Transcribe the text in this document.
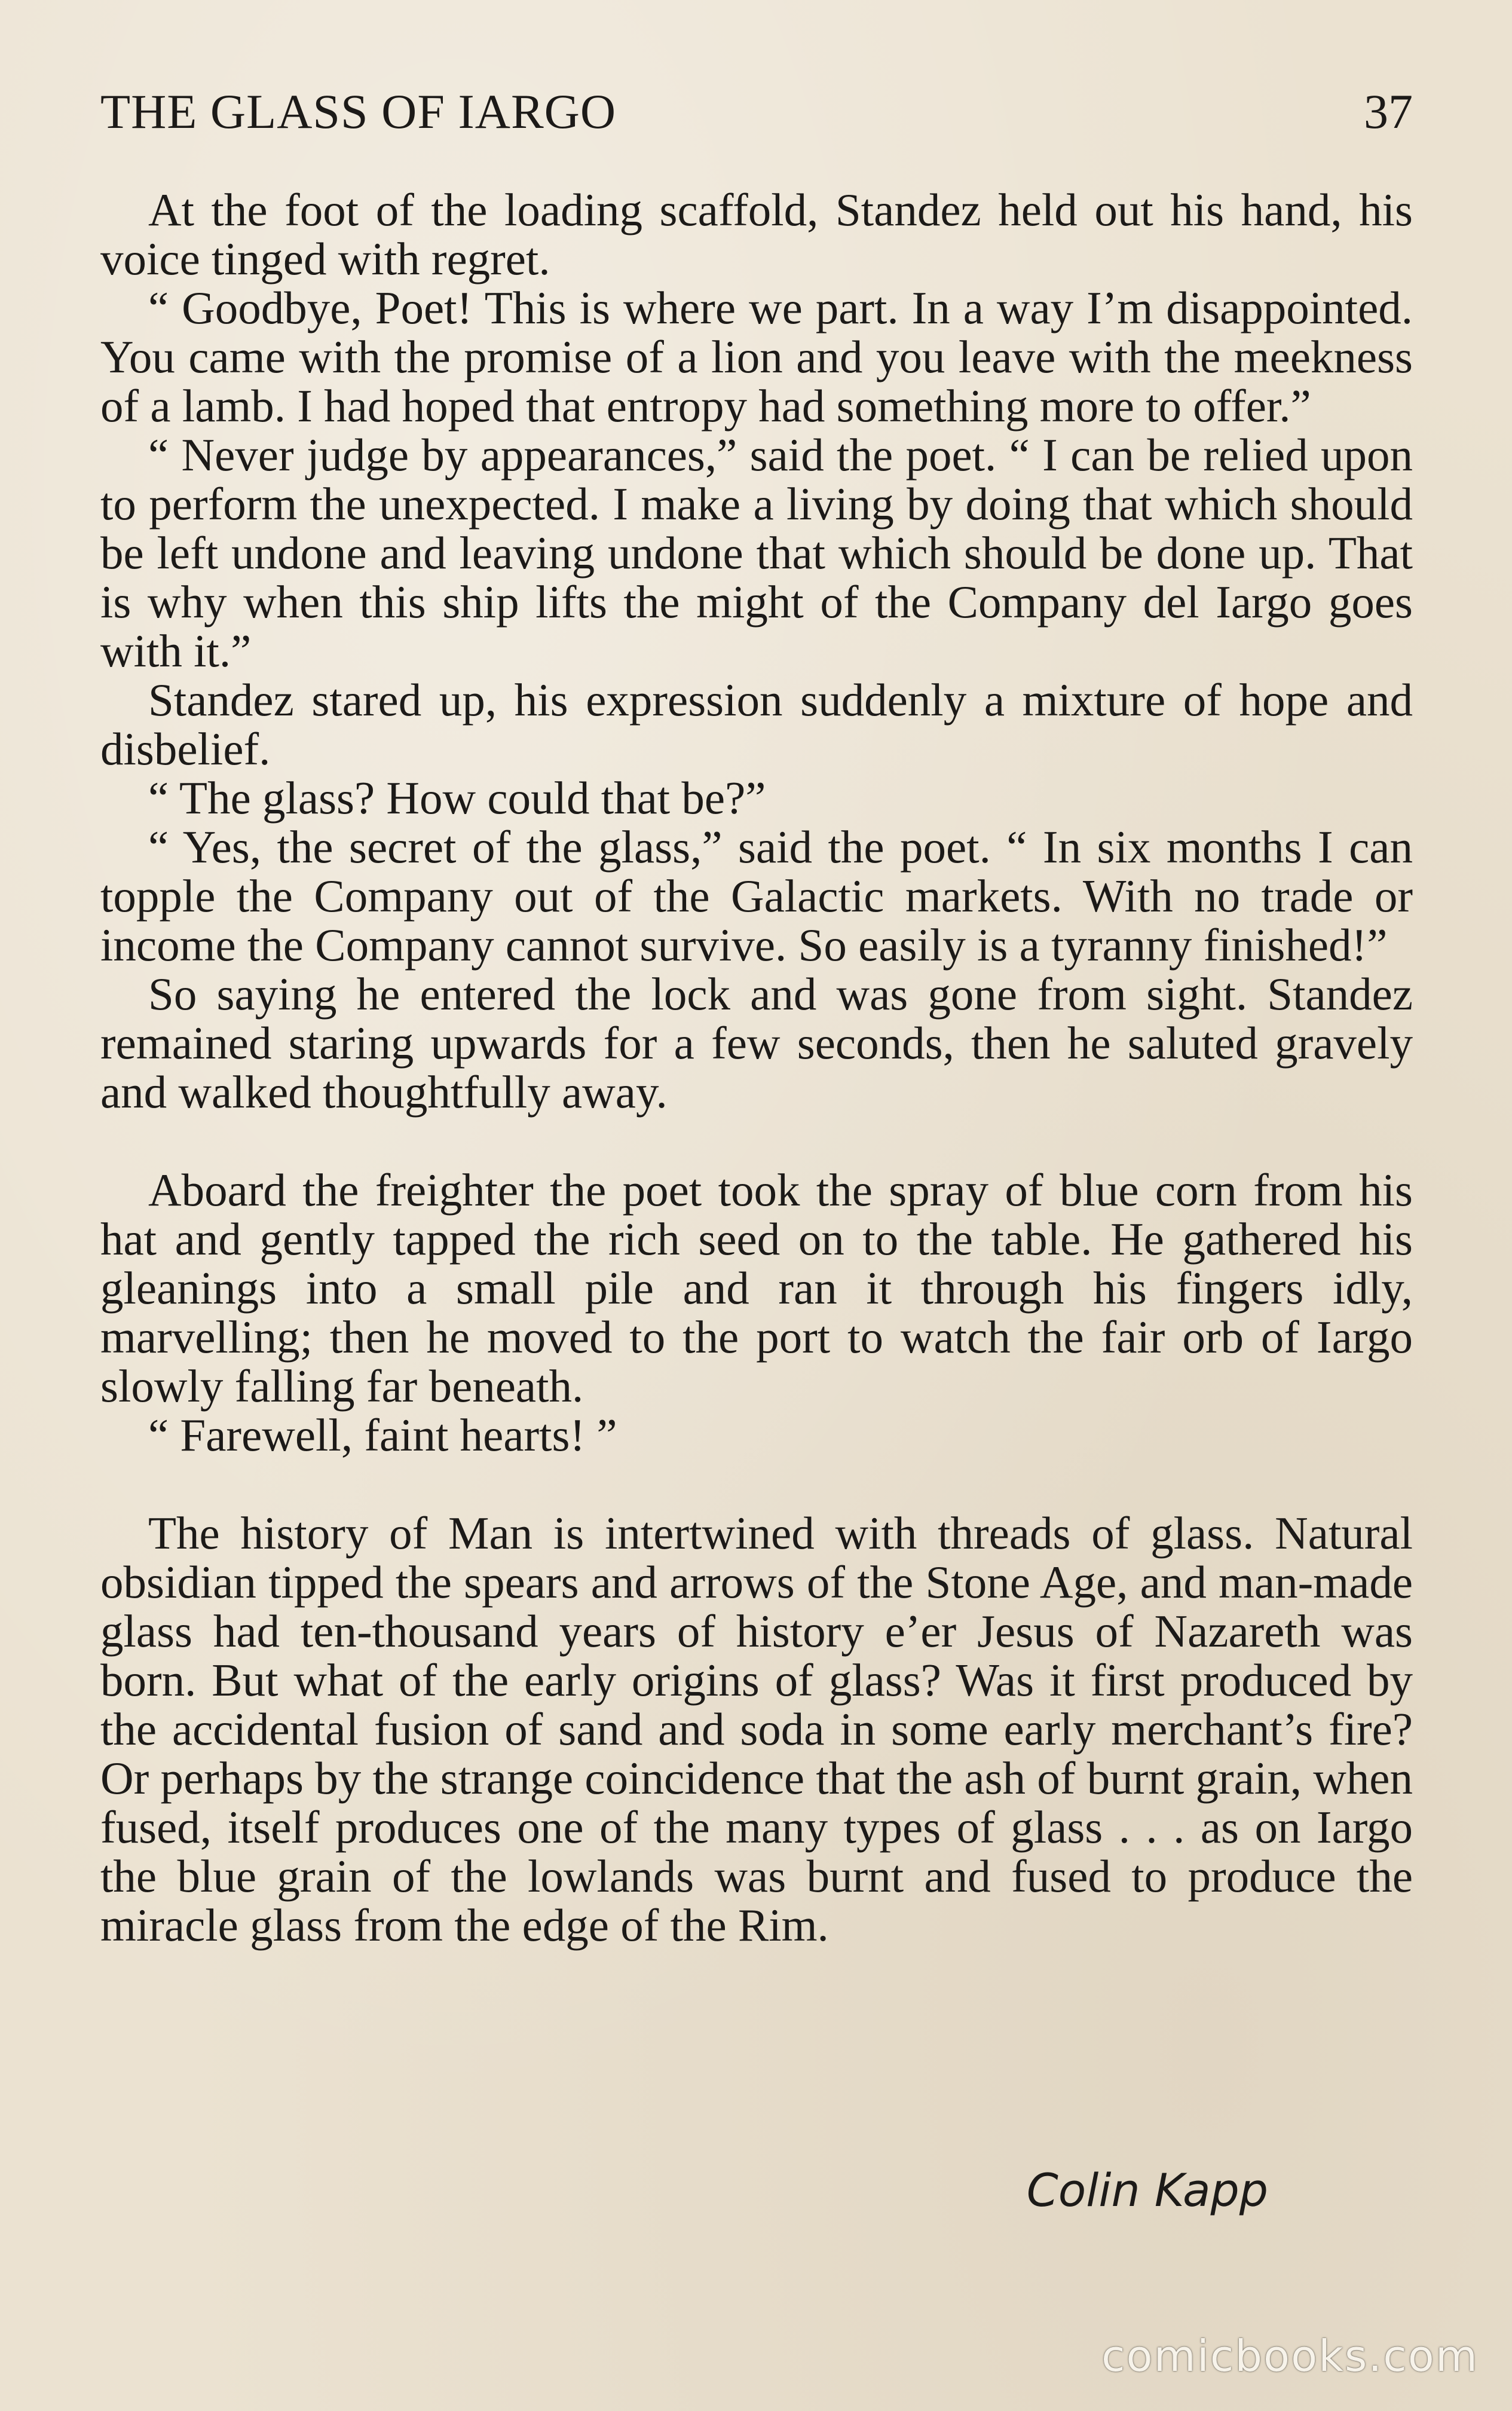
THE GLASS OF IARGO	37

At the foot of the loading scaffold, Standez held out his hand, his voice tinged with regret.

“ Goodbye, Poet! This is where we part. In a way I’m disappointed. You came with the promise of a lion and you leave with the meekness of a lamb. I had hoped that entropy had something more to offer.”

“ Never judge by appearances,” said the poet. “ I can be relied upon to perform the unexpected. I make a living by doing that which should be left undone and leaving undone that which should be done up. That is why when this ship lifts the might of the Company del Iargo goes with it.”

Standez stared up, his expression suddenly a mixture of hope and disbelief.

“ The glass? How could that be?”

“ Yes, the secret of the glass,” said the poet. “ In six months I can topple the Company out of the Galactic markets. With no trade or income the Company cannot survive. So easily is a tyranny finished!”

So saying he entered the lock and was gone from sight. Standez remained staring upwards for a few seconds, then he saluted gravely and walked thoughtfully away.

Aboard the freighter the poet took the spray of blue corn from his hat and gently tapped the rich seed on to the table. He gathered his gleanings into a small pile and ran it through his fingers idly, marvelling; then he moved to the port to watch the fair orb of Iargo slowly falling far beneath.

“ Farewell, faint hearts! ”

The history of Man is intertwined with threads of glass. Natural obsidian tipped the spears and arrows of the Stone Age, and man-made glass had ten-thousand years of history e’er Jesus of Nazareth was born. But what of the early origins of glass? Was it first produced by the accidental fusion of sand and soda in some early merchant’s fire? Or perhaps by the strange coincidence that the ash of burnt grain, when fused, itself produces one of the many types of glass . . . as on Iargo the blue grain of the lowlands was burnt and fused to produce the miracle glass from the edge of the Rim.

Colin Kapp
comicbooks.com
